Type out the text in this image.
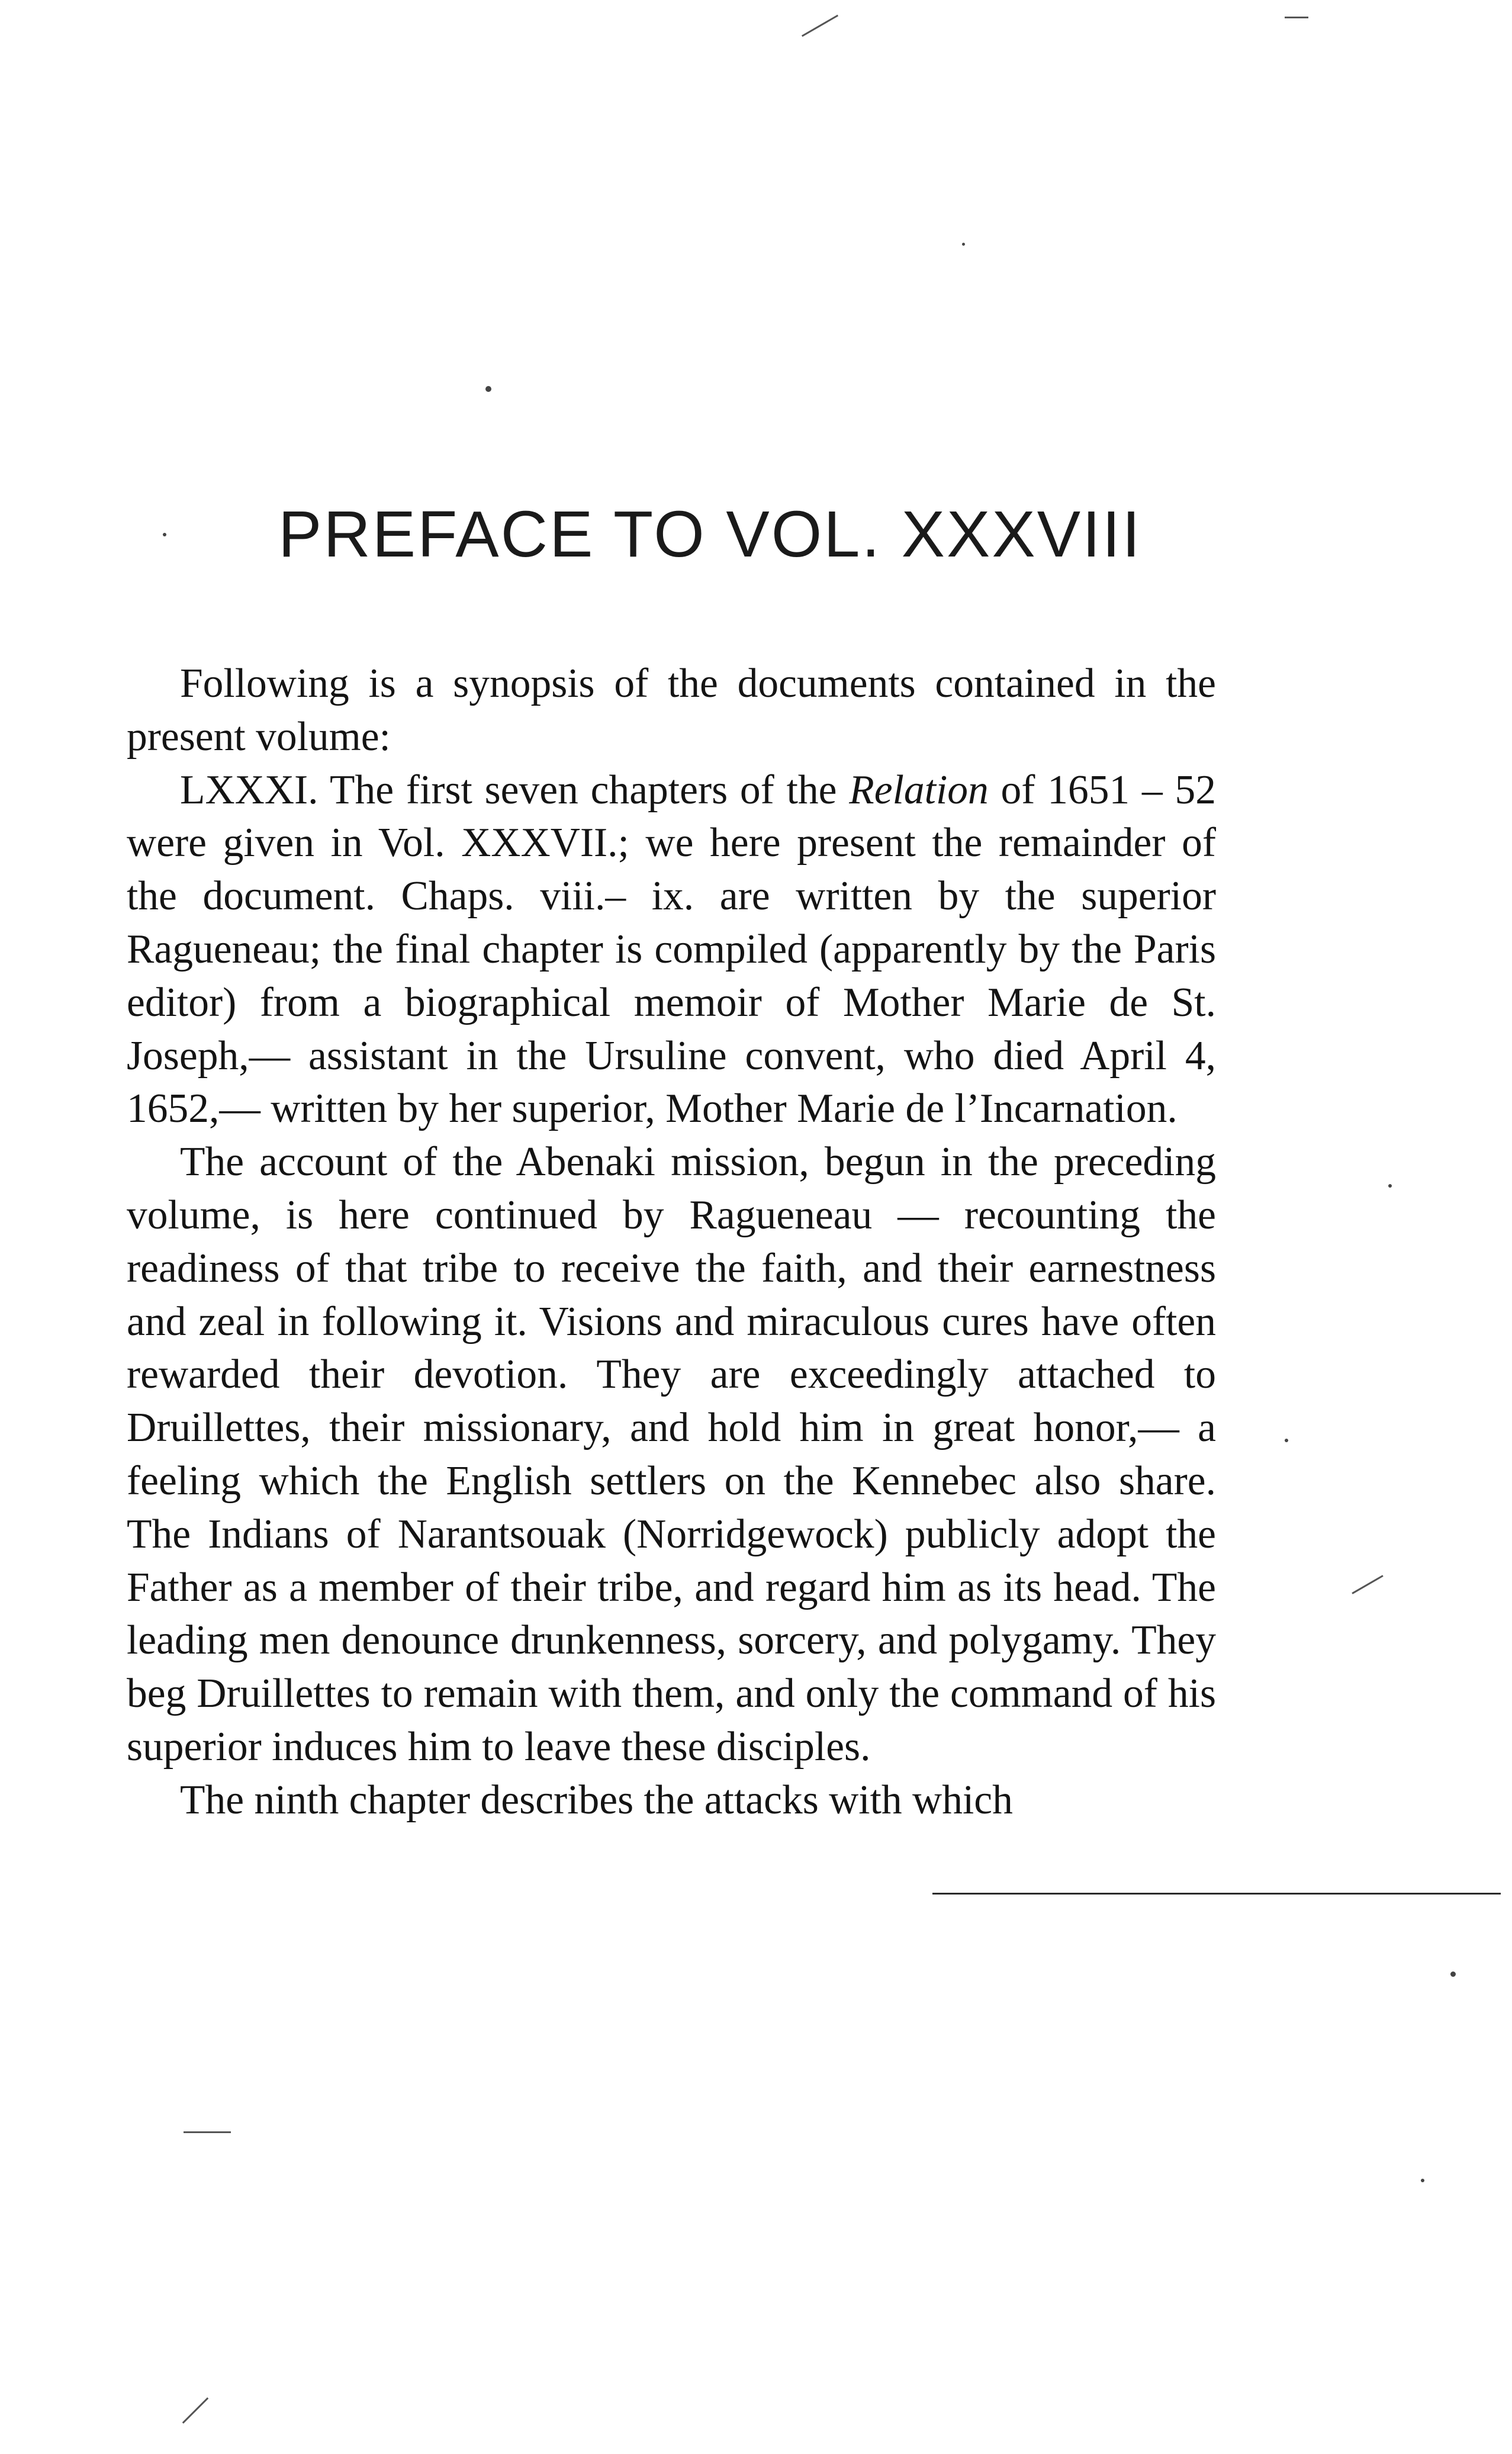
PREFACE TO VOL. XXXVIII

Following is a synopsis of the documents contained in the present volume:

LXXXI. The first seven chapters of the Relation of 1651 – 52 were given in Vol. XXXVII.; we here present the remainder of the document. Chaps. viii.– ix. are written by the superior Ragueneau; the final chapter is compiled (apparently by the Paris editor) from a biographical memoir of Mother Marie de St. Joseph,— assistant in the Ursuline convent, who died April 4, 1652,— written by her superior, Mother Marie de l’Incarnation.

The account of the Abenaki mission, begun in the preceding volume, is here continued by Ragueneau — recounting the readiness of that tribe to receive the faith, and their earnestness and zeal in following it. Visions and miraculous cures have often rewarded their devotion. They are exceedingly attached to Druillettes, their missionary, and hold him in great honor,— a feeling which the English settlers on the Kennebec also share. The Indians of Narantsouak (Norridgewock) publicly adopt the Father as a member of their tribe, and regard him as its head. The leading men denounce drunkenness, sorcery, and polygamy. They beg Druillettes to remain with them, and only the command of his superior induces him to leave these disciples.

The ninth chapter describes the attacks with which
